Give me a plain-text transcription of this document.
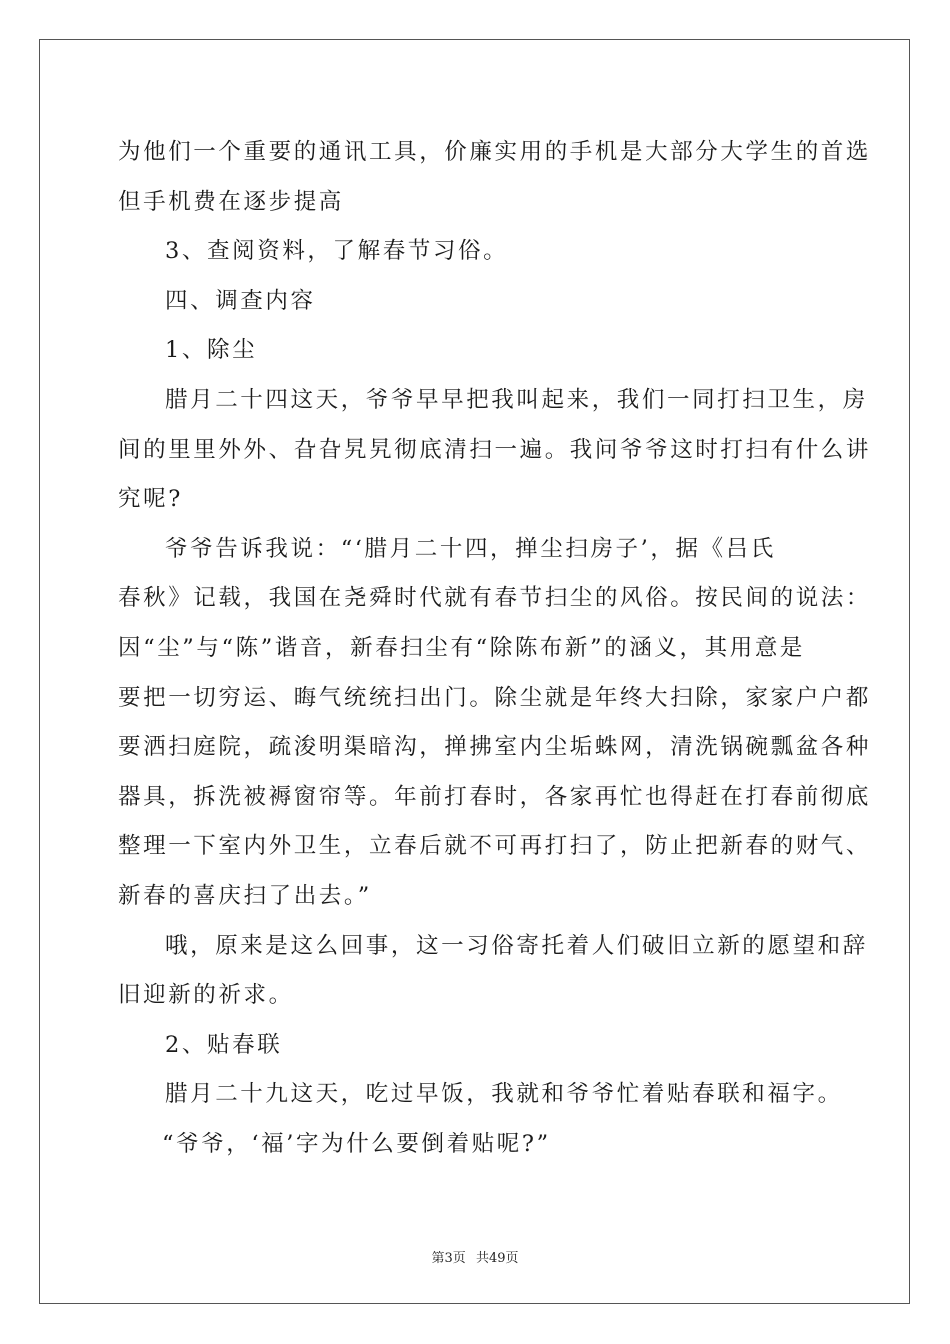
为他们一个重要的通讯工具，价廉实用的手机是大部分大学生的首选
但手机费在逐步提高
3、查阅资料，了解春节习俗。
四、调查内容
1、除尘
腊月二十四这天，爷爷早早把我叫起来，我们一同打扫卫生，房
间的里里外外、旮旮旯旯彻底清扫一遍。我问爷爷这时打扫有什么讲
究呢?
爷爷告诉我说：“‘腊月二十四，掸尘扫房子’，据《吕氏
春秋》记载，我国在尧舜时代就有春节扫尘的风俗。按民间的说法：
因“尘”与“陈”谐音，新春扫尘有“除陈布新”的涵义，其用意是
要把一切穷运、晦气统统扫出门。除尘就是年终大扫除，家家户户都
要洒扫庭院，疏浚明渠暗沟，掸拂室内尘垢蛛网，清洗锅碗瓢盆各种
器具，拆洗被褥窗帘等。年前打春时，各家再忙也得赶在打春前彻底
整理一下室内外卫生，立春后就不可再打扫了，防止把新春的财气、
新春的喜庆扫了出去。”
哦，原来是这么回事，这一习俗寄托着人们破旧立新的愿望和辞
旧迎新的祈求。
2、贴春联
腊月二十九这天，吃过早饭，我就和爷爷忙着贴春联和福字。
“爷爷，‘福’字为什么要倒着贴呢?”
第3页 共49页
